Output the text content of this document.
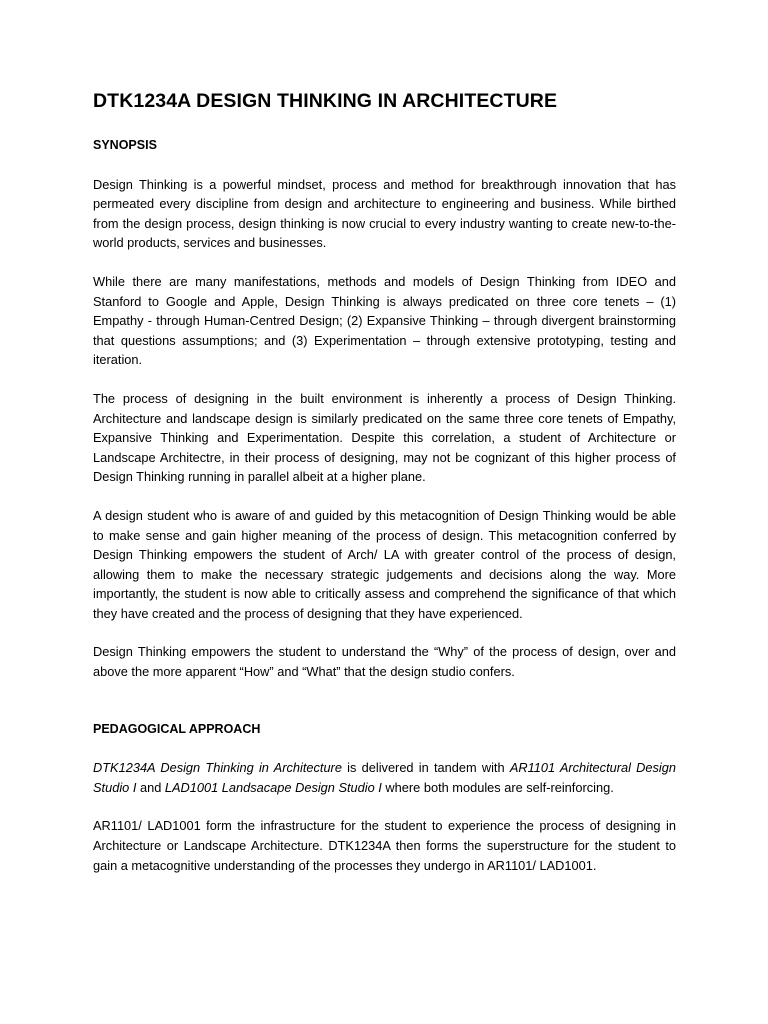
DTK1234A DESIGN THINKING IN ARCHITECTURE
SYNOPSIS

Design Thinking is a powerful mindset, process and method for breakthrough innovation that has permeated every discipline from design and architecture to engineering and business. While birthed from the design process, design thinking is now crucial to every industry wanting to create new-to-the-world products, services and businesses.

While there are many manifestations, methods and models of Design Thinking from IDEO and Stanford to Google and Apple, Design Thinking is always predicated on three core tenets – (1) Empathy - through Human-Centred Design; (2) Expansive Thinking – through divergent brainstorming that questions assumptions; and (3) Experimentation – through extensive prototyping, testing and iteration.

The process of designing in the built environment is inherently a process of Design Thinking. Architecture and landscape design is similarly predicated on the same three core tenets of Empathy, Expansive Thinking and Experimentation. Despite this correlation, a student of Architecture or Landscape Architectre, in their process of designing, may not be cognizant of this higher process of Design Thinking running in parallel albeit at a higher plane.

A design student who is aware of and guided by this metacognition of Design Thinking would be able to make sense and gain higher meaning of the process of design. This metacognition conferred by Design Thinking empowers the student of Arch/ LA with greater control of the process of design, allowing them to make the necessary strategic judgements and decisions along the way. More importantly, the student is now able to critically assess and comprehend the significance of that which they have created and the process of designing that they have experienced.

Design Thinking empowers the student to understand the “Why” of the process of design, over and above the more apparent “How” and “What” that the design studio confers.

PEDAGOGICAL APPROACH

DTK1234A Design Thinking in Architecture is delivered in tandem with AR1101 Architectural Design Studio I and LAD1001 Landsacape Design Studio I where both modules are self-reinforcing.

AR1101/ LAD1001 form the infrastructure for the student to experience the process of designing in Architecture or Landscape Architecture. DTK1234A then forms the superstructure for the student to gain a metacognitive understanding of the processes they undergo in AR1101/ LAD1001.
